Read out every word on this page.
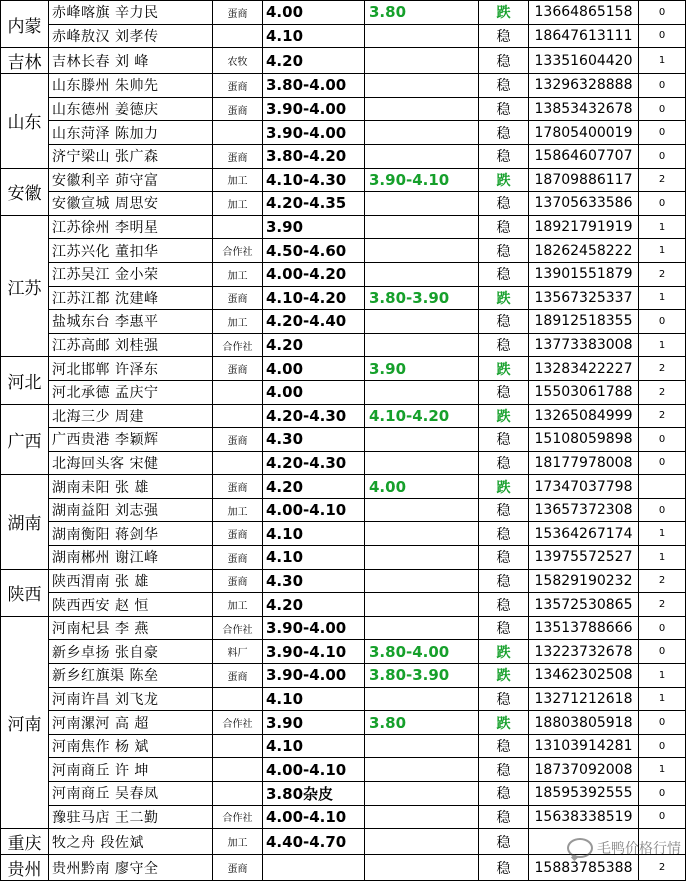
内蒙	赤峰喀旗 辛力民	蛋商	4.00	3.80	跌	13664865158	0
	赤峰敖汉 刘孝传		4.10		稳	18647613111	0
吉林	吉林长春 刘 峰	农牧	4.20		稳	13351604420	1
山东	山东滕州 朱帅先	蛋商	3.80-4.00		稳	13296328888	0
	山东德州 姜德庆	蛋商	3.90-4.00		稳	13853432678	0
	山东菏泽 陈加力		3.90-4.00		稳	17805400019	0
	济宁梁山 张广森	蛋商	3.80-4.20		稳	15864607707	0
安徽	安徽利辛 茆守富	加工	4.10-4.30	3.90-4.10	跌	18709886117	2
	安徽宣城 周思安	加工	4.20-4.35		稳	13705633586	0
江苏	江苏徐州 李明星		3.90		稳	18921791919	1
	江苏兴化 董扣华	合作社	4.50-4.60		稳	18262458222	1
	江苏吴江 金小荣	加工	4.00-4.20		稳	13901551879	2
	江苏江都 沈建峰	蛋商	4.10-4.20	3.80-3.90	跌	13567325337	1
	盐城东台 李惠平	加工	4.20-4.40		稳	18912518355	0
	江苏高邮 刘桂强	合作社	4.20		稳	13773383008	1
河北	河北邯郸 许泽东	蛋商	4.00	3.90	跌	13283422227	2
	河北承德 孟庆宁		4.00		稳	15503061788	2
广西	北海三少 周建		4.20-4.30	4.10-4.20	跌	13265084999	2
	广西贵港 李颖辉	蛋商	4.30		稳	15108059898	0
	北海回头客 宋健		4.20-4.30		稳	18177978008	0
湖南	湖南耒阳 张 雄	蛋商	4.20	4.00	跌	17347037798	
	湖南益阳 刘志强	加工	4.00-4.10		稳	13657372308	0
	湖南衡阳 蒋剑华	蛋商	4.10		稳	15364267174	1
	湖南郴州 谢江峰	蛋商	4.10		稳	13975572527	1
陕西	陕西渭南 张 雄	蛋商	4.30		稳	15829190232	2
	陕西西安 赵 恒	加工	4.20		稳	13572530865	2
河南	河南杞县 李 燕	合作社	3.90-4.00		稳	13513788666	0
	新乡卓扬 张自豪	料厂	3.90-4.10	3.80-4.00	跌	13223732678	0
	新乡红旗渠 陈垒	蛋商	3.90-4.00	3.80-3.90	跌	13462302508	1
	河南许昌 刘飞龙		4.10		稳	13271212618	1
	河南漯河 高 超	合作社	3.90	3.80	跌	18803805918	0
	河南焦作 杨 斌		4.10		稳	13103914281	0
	河南商丘 许 坤		4.00-4.10		稳	18737092008	1
	河南商丘 吴春凤		3.80杂皮		稳	18595392555	0
	豫驻马店 王二勤	合作社	4.00-4.10		稳	15638338519	0
重庆	牧之舟 段佐斌	加工	4.40-4.70		稳		
贵州	贵州黔南 廖守全	蛋商			稳	15883785388	2
毛鸭价格行情
